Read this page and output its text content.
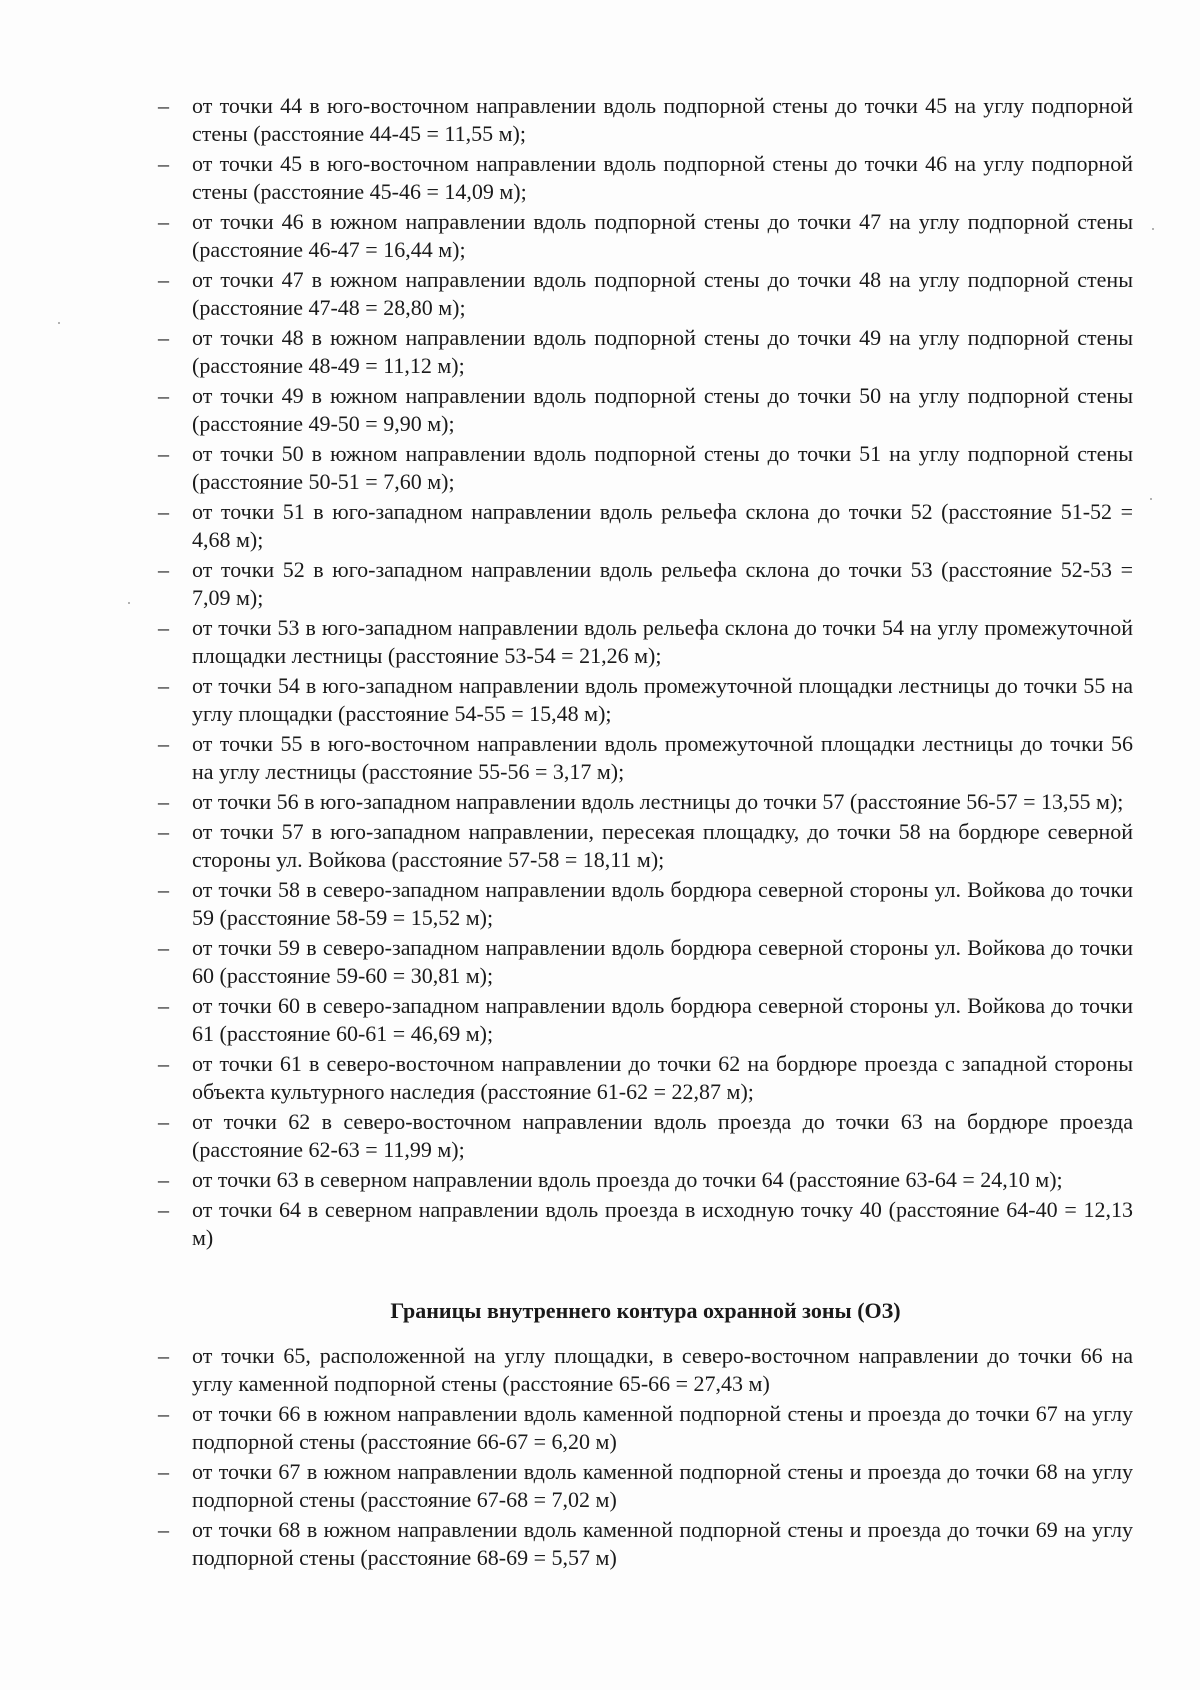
–	от точки 44 в юго-восточном направлении вдоль подпорной стены до точки 45 на углу подпорной стены (расстояние 44-45 = 11,55 м);
–	от точки 45 в юго-восточном направлении вдоль подпорной стены до точки 46 на углу подпорной стены (расстояние 45-46 = 14,09 м);
–	от точки 46 в южном направлении вдоль подпорной стены до точки 47 на углу подпорной стены (расстояние 46-47 = 16,44 м);
–	от точки 47 в южном направлении вдоль подпорной стены до точки 48 на углу подпорной стены (расстояние 47-48 = 28,80 м);
–	от точки 48 в южном направлении вдоль подпорной стены до точки 49 на углу подпорной стены (расстояние 48-49 = 11,12 м);
–	от точки 49 в южном направлении вдоль подпорной стены до точки 50 на углу подпорной стены (расстояние 49-50 = 9,90 м);
–	от точки 50 в южном направлении вдоль подпорной стены до точки 51 на углу подпорной стены (расстояние 50-51 = 7,60 м);
–	от точки 51 в юго-западном направлении вдоль рельефа склона до точки 52 (расстояние 51-52 = 4,68 м);
–	от точки 52 в юго-западном направлении вдоль рельефа склона до точки 53 (расстояние 52-53 = 7,09 м);
–	от точки 53 в юго-западном направлении вдоль рельефа склона до точки 54 на углу промежуточной площадки лестницы (расстояние 53-54 = 21,26 м);
–	от точки 54 в юго-западном направлении вдоль промежуточной площадки лестницы до точки 55 на углу площадки (расстояние 54-55 = 15,48 м);
–	от точки 55 в юго-восточном направлении вдоль промежуточной площадки лестницы до точки 56 на углу лестницы (расстояние 55-56 = 3,17 м);
–	от точки 56 в юго-западном направлении вдоль лестницы до точки 57 (расстояние 56-57 = 13,55 м);
–	от точки 57 в юго-западном направлении, пересекая площадку, до точки 58 на бордюре северной стороны ул. Войкова (расстояние 57-58 = 18,11 м);
–	от точки 58 в северо-западном направлении вдоль бордюра северной стороны ул. Войкова до точки 59 (расстояние 58-59 = 15,52 м);
–	от точки 59 в северо-западном направлении вдоль бордюра северной стороны ул. Войкова до точки 60 (расстояние 59-60 = 30,81 м);
–	от точки 60 в северо-западном направлении вдоль бордюра северной стороны ул. Войкова до точки 61 (расстояние 60-61 = 46,69 м);
–	от точки 61 в северо-восточном направлении до точки 62 на бордюре проезда с западной стороны объекта культурного наследия (расстояние 61-62 = 22,87 м);
–	от точки 62 в северо-восточном направлении вдоль проезда до точки 63 на бордюре проезда (расстояние 62-63 = 11,99 м);
–	от точки 63 в северном направлении вдоль проезда до точки 64 (расстояние 63-64 = 24,10 м);
–	от точки 64 в северном направлении вдоль проезда в исходную точку 40 (расстояние 64-40 = 12,13 м)
Границы внутреннего контура охранной зоны (ОЗ)
–	от точки 65, расположенной на углу площадки, в северо-восточном направлении до точки 66 на углу каменной подпорной стены (расстояние 65-66 = 27,43 м)
–	от точки 66 в южном направлении вдоль каменной подпорной стены и проезда до точки 67 на углу подпорной стены (расстояние 66-67 = 6,20 м)
–	от точки 67 в южном направлении вдоль каменной подпорной стены и проезда до точки 68 на углу подпорной стены (расстояние 67-68 = 7,02 м)
–	от точки 68 в южном направлении вдоль каменной подпорной стены и проезда до точки 69 на углу подпорной стены (расстояние 68-69 = 5,57 м)
